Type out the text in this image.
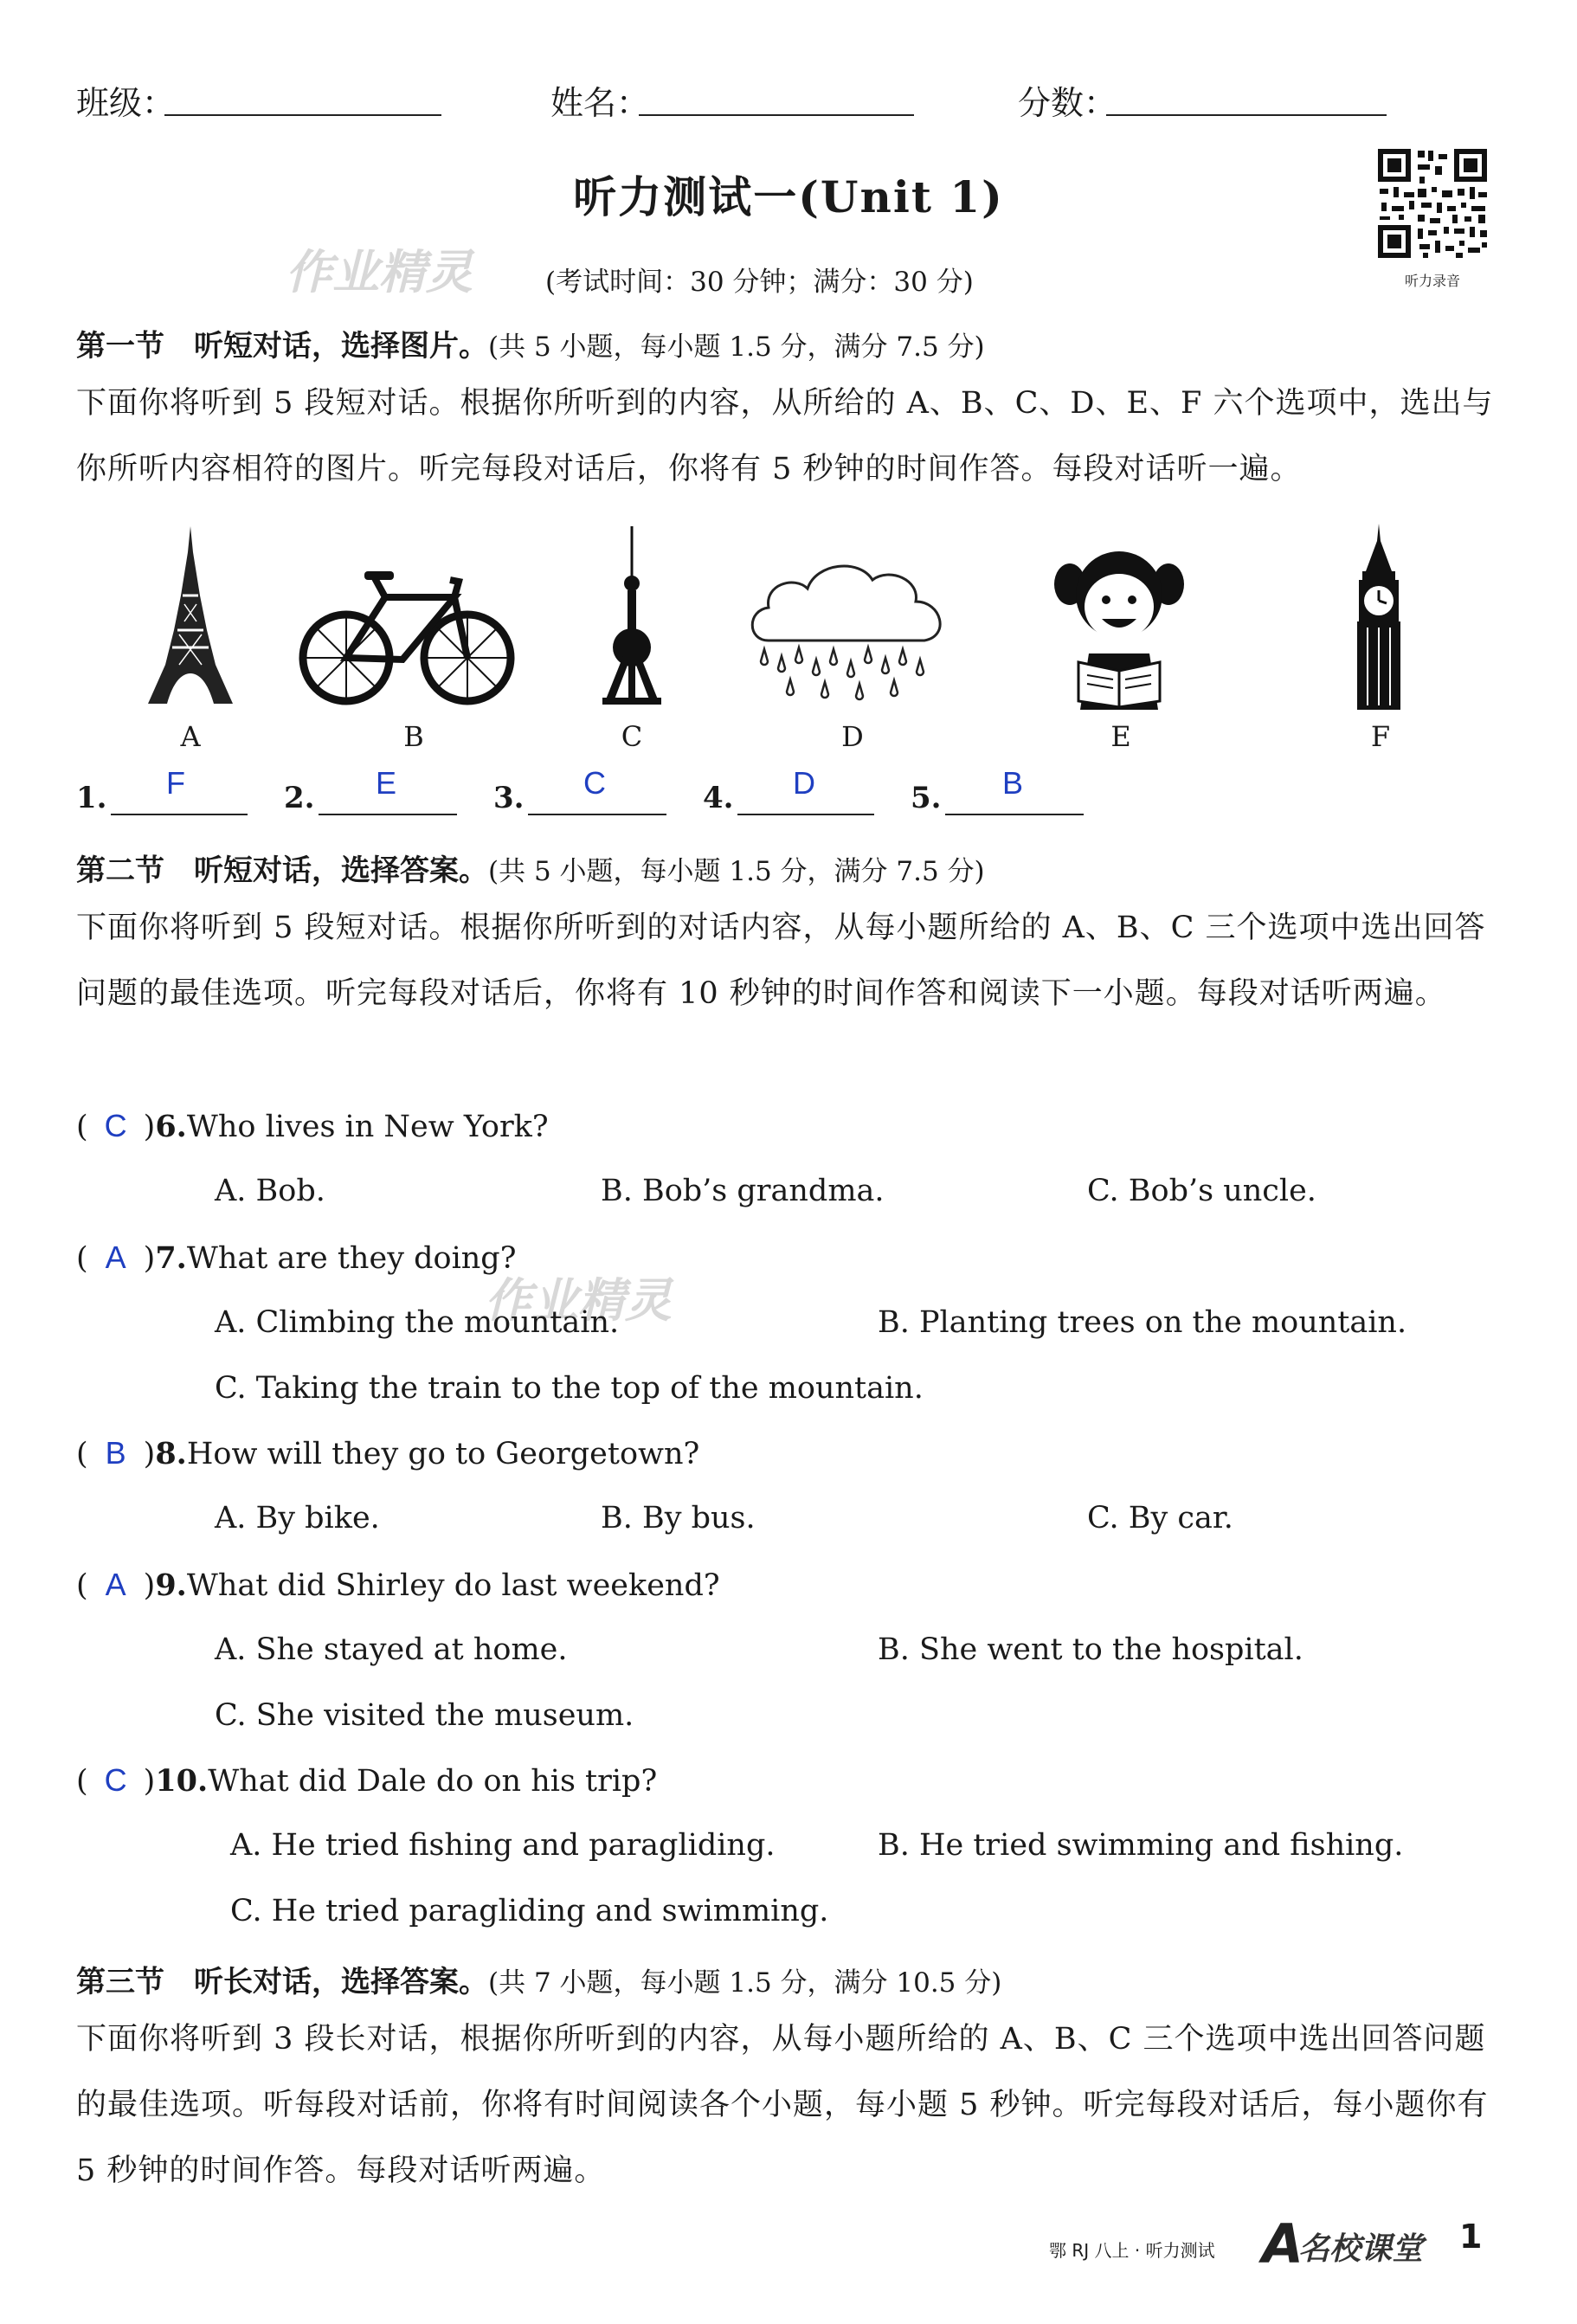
班级：	姓名：	分数：
听力测试一(Unit 1)
听力录音
作业精灵
作业精灵
(考试时间：30 分钟；满分：30 分)
第一节　听短对话，选择图片。(共 5 小题，每小题 1.5 分，满分 7.5 分)
下面你将听到 5 段短对话。根据你所听到的内容，从所给的 A、B、C、D、E、F 六个选项中，选出与你所听内容相符的图片。听完每段对话后，你将有 5 秒钟的时间作答。每段对话听一遍。
A	B	C	D	E	F
1. F	2. E	3. C	4. D	5. B
第二节　听短对话，选择答案。(共 5 小题，每小题 1.5 分，满分 7.5 分)
下面你将听到 5 段短对话。根据你所听到的对话内容，从每小题所给的 A、B、C 三个选项中选出回答问题的最佳选项。听完每段对话后，你将有 10 秒钟的时间作答和阅读下一小题。每段对话听两遍。
( C )6.Who lives in New York?
A. Bob.	B. Bob’s grandma.	C. Bob’s uncle.
( A )7.What are they doing?
A. Climbing the mountain.	B. Planting trees on the mountain.
C. Taking the train to the top of the mountain.
( B )8.How will they go to Georgetown?
A. By bike.	B. By bus.	C. By car.
( A )9.What did Shirley do last weekend?
A. She stayed at home.	B. She went to the hospital.
C. She visited the museum.
( C )10.What did Dale do on his trip?
A. He tried fishing and paragliding.	B. He tried swimming and fishing.
C. He tried paragliding and swimming.
第三节　听长对话，选择答案。(共 7 小题，每小题 1.5 分，满分 10.5 分)
下面你将听到 3 段长对话，根据你所听到的内容，从每小题所给的 A、B、C 三个选项中选出回答问题的最佳选项。听每段对话前，你将有时间阅读各个小题，每小题 5 秒钟。听完每段对话后，每小题你有 5 秒钟的时间作答。每段对话听两遍。
鄂 RJ 八上 · 听力测试 A
名校课堂 1
